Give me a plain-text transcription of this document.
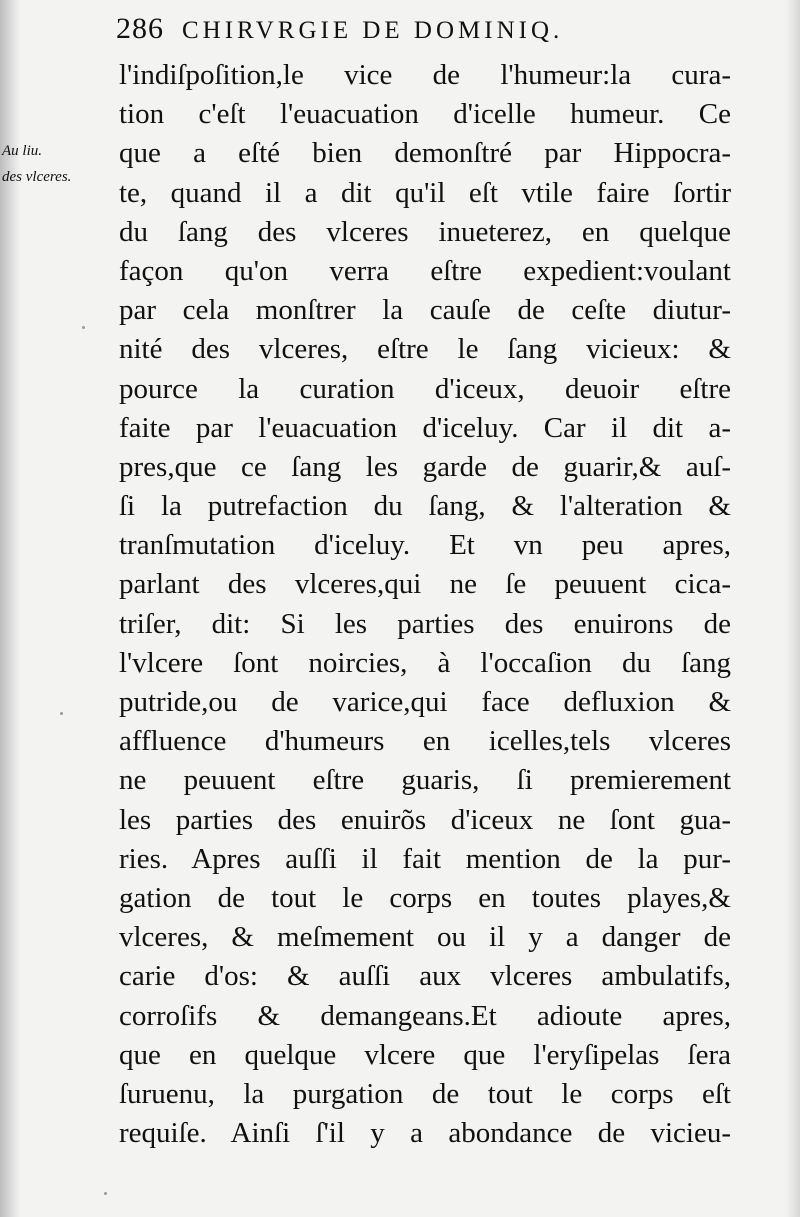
286 CHIRVRGIE DE DOMINIQ.
Au liu.
des vlceres.
l'indiſpoſition,le vice de l'humeur:la cura-
tion c'eſt l'euacuation d'icelle humeur. Ce
que a eſté bien demonſtré par Hippocra-
te, quand il a dit qu'il eſt vtile faire ſortir
du ſang des vlceres inueterez, en quelque
façon qu'on verra eſtre expedient:voulant
par cela monſtrer la cauſe de ceſte diutur-
nité des vlceres, eſtre le ſang vicieux: &
pource la curation d'iceux, deuoir eſtre
faite par l'euacuation d'iceluy. Car il dit a-
pres,que ce ſang les garde de guarir,& auſ-
ſi la putrefaction du ſang, & l'alteration &
tranſmutation d'iceluy. Et vn peu apres,
parlant des vlceres,qui ne ſe peuuent cica-
triſer, dit: Si les parties des enuirons de
l'vlcere ſont noircies, à l'occaſion du ſang
putride,ou de varice,qui face defluxion &
affluence d'humeurs en icelles,tels vlceres
ne peuuent eſtre guaris, ſi premierement
les parties des enuirõs d'iceux ne ſont gua-
ries. Apres auſſi il fait mention de la pur-
gation de tout le corps en toutes playes,&
vlceres, & meſmement ou il y a danger de
carie d'os: & auſſi aux vlceres ambulatifs,
corroſifs & demangeans.Et adioute apres,
que en quelque vlcere que l'eryſipelas ſera
ſuruenu, la purgation de tout le corps eſt
requiſe. Ainſi ſ'il y a abondance de vicieu-
